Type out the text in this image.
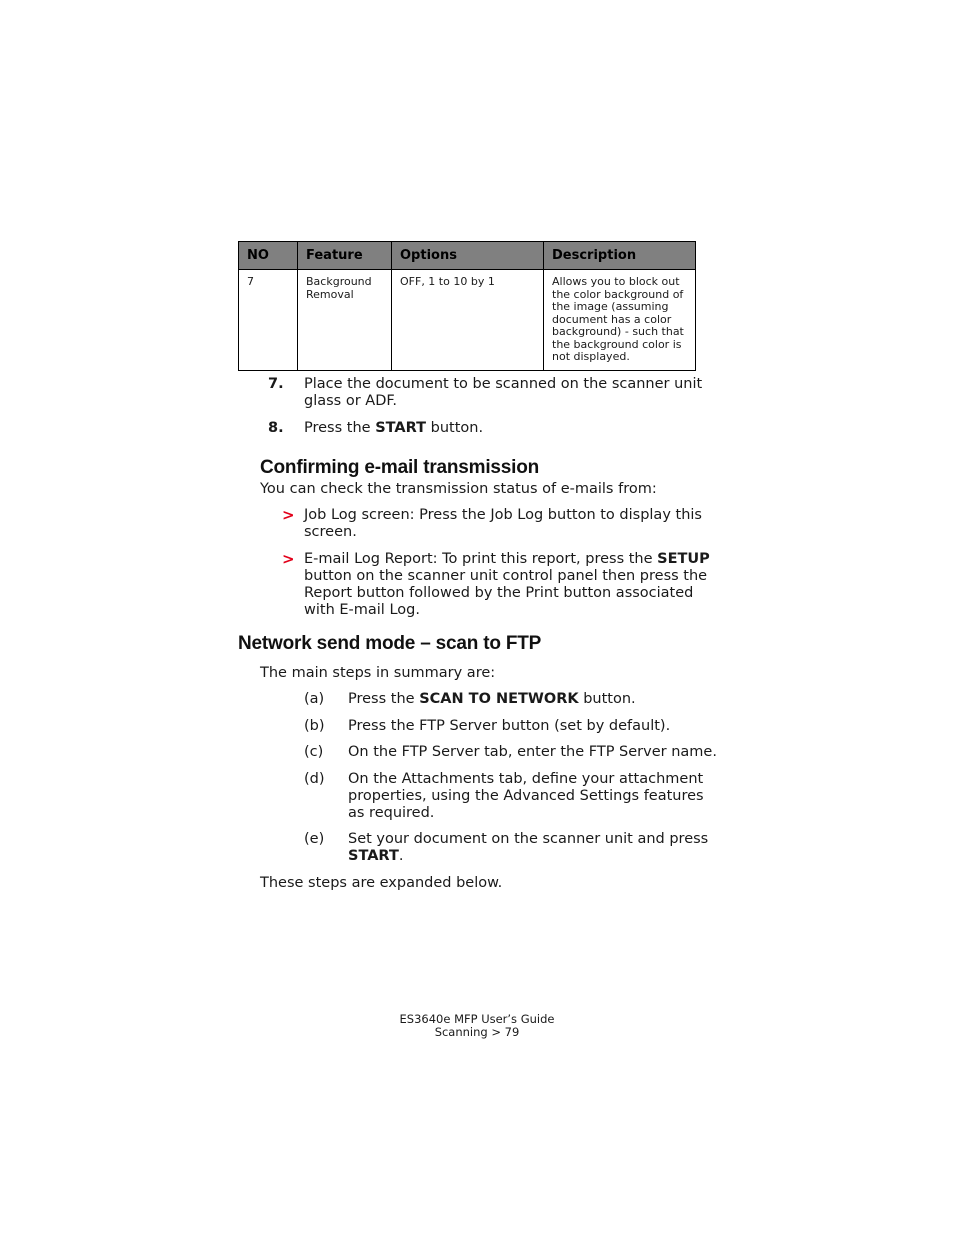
NO	Feature	Options	Description
7	Background Removal	OFF, 1 to 10 by 1	Allows you to block out the color background of the image (assuming document has a color background) - such that the background color is not displayed.
7. Place the document to be scanned on the scanner unit glass or ADF.
8. Press the START button.
Confirming e-mail transmission
You can check the transmission status of e-mails from:
> Job Log screen: Press the Job Log button to display this screen.
> E-mail Log Report: To print this report, press the SETUP button on the scanner unit control panel then press the Report button followed by the Print button associated with E-mail Log.
Network send mode – scan to FTP
The main steps in summary are:
(a) Press the SCAN TO NETWORK button.
(b) Press the FTP Server button (set by default).
(c) On the FTP Server tab, enter the FTP Server name.
(d) On the Attachments tab, define your attachment properties, using the Advanced Settings features as required.
(e) Set your document on the scanner unit and press START.
These steps are expanded below.
ES3640e MFP User’s Guide
Scanning > 79
